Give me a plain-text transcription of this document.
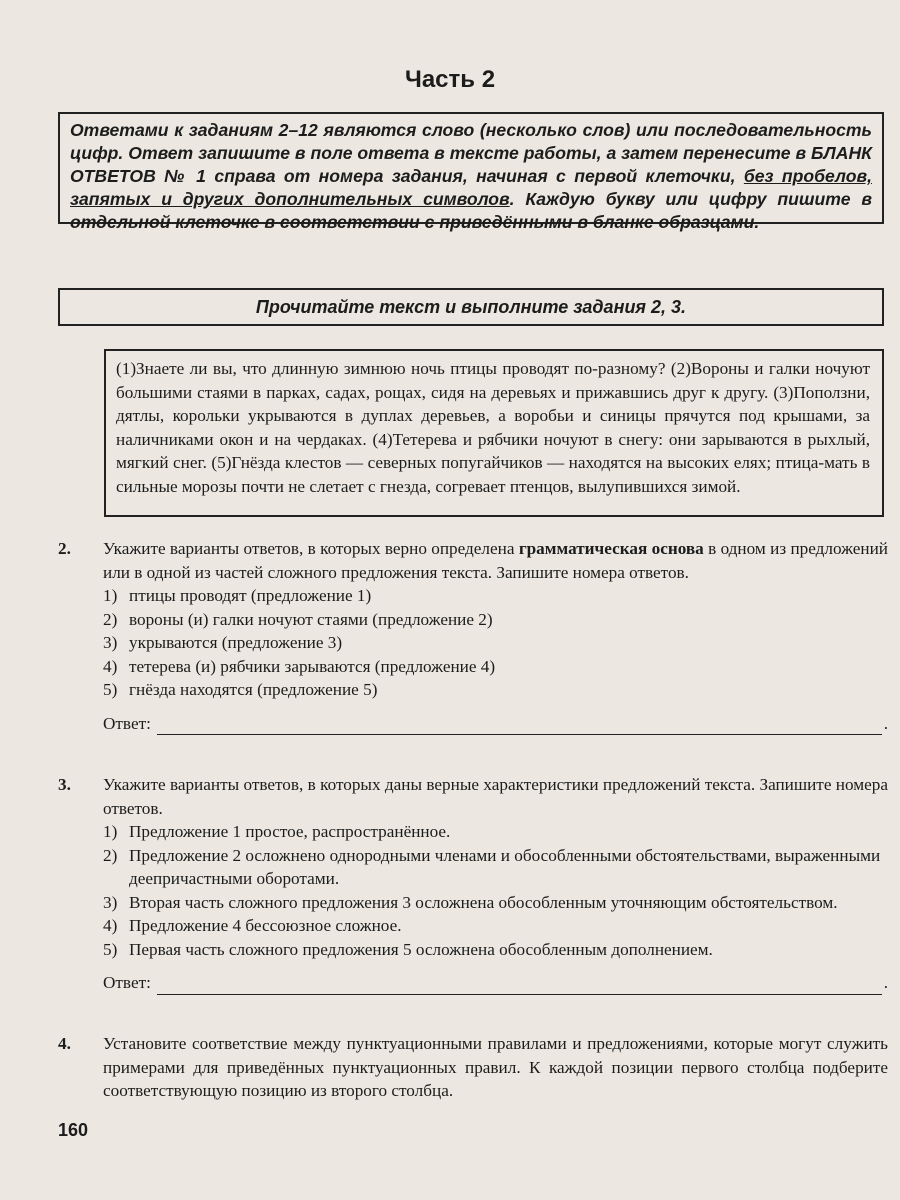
Часть 2
Ответами к заданиям 2–12 являются слово (несколько слов) или последовательность цифр. Ответ запишите в поле ответа в тексте работы, а затем перенесите в БЛАНК ОТВЕТОВ № 1 справа от номера задания, начиная с первой клеточки, без пробелов, запятых и других дополнительных символов. Каждую букву или цифру пишите в отдельной клеточке в соответствии с приведёнными в бланке образцами.
Прочитайте текст и выполните задания 2, 3.
(1)Знаете ли вы, что длинную зимнюю ночь птицы проводят по-разному? (2)Вороны и галки ночуют большими стаями в парках, садах, рощах, сидя на деревьях и прижавшись друг к другу. (3)Поползни, дятлы, корольки укрываются в дуплах деревьев, а воробьи и синицы прячутся под крышами, за наличниками окон и на чердаках. (4)Тетерева и рябчики ночуют в снегу: они зарываются в рыхлый, мягкий снег. (5)Гнёзда клестов — северных попугайчиков — находятся на высоких елях; птица-мать в сильные морозы почти не слетает с гнезда, согревает птенцов, вылупившихся зимой.
2. Укажите варианты ответов, в которых верно определена грамматическая основа в одном из предложений или в одной из частей сложного предложения текста. Запишите номера ответов.
1) птицы проводят (предложение 1)
2) вороны (и) галки ночуют стаями (предложение 2)
3) укрываются (предложение 3)
4) тетерева (и) рябчики зарываются (предложение 4)
5) гнёзда находятся (предложение 5)
Ответ:	.
3. Укажите варианты ответов, в которых даны верные характеристики предложений текста. Запишите номера ответов.
1) Предложение 1 простое, распространённое.
2) Предложение 2 осложнено однородными членами и обособленными обстоятельствами, выраженными деепричастными оборотами.
3) Вторая часть сложного предложения 3 осложнена обособленным уточняющим обстоятельством.
4) Предложение 4 бессоюзное сложное.
5) Первая часть сложного предложения 5 осложнена обособленным дополнением.
Ответ:	.
4. Установите соответствие между пунктуационными правилами и предложениями, которые могут служить примерами для приведённых пунктуационных правил. К каждой позиции первого столбца подберите соответствующую позицию из второго столбца.
160
